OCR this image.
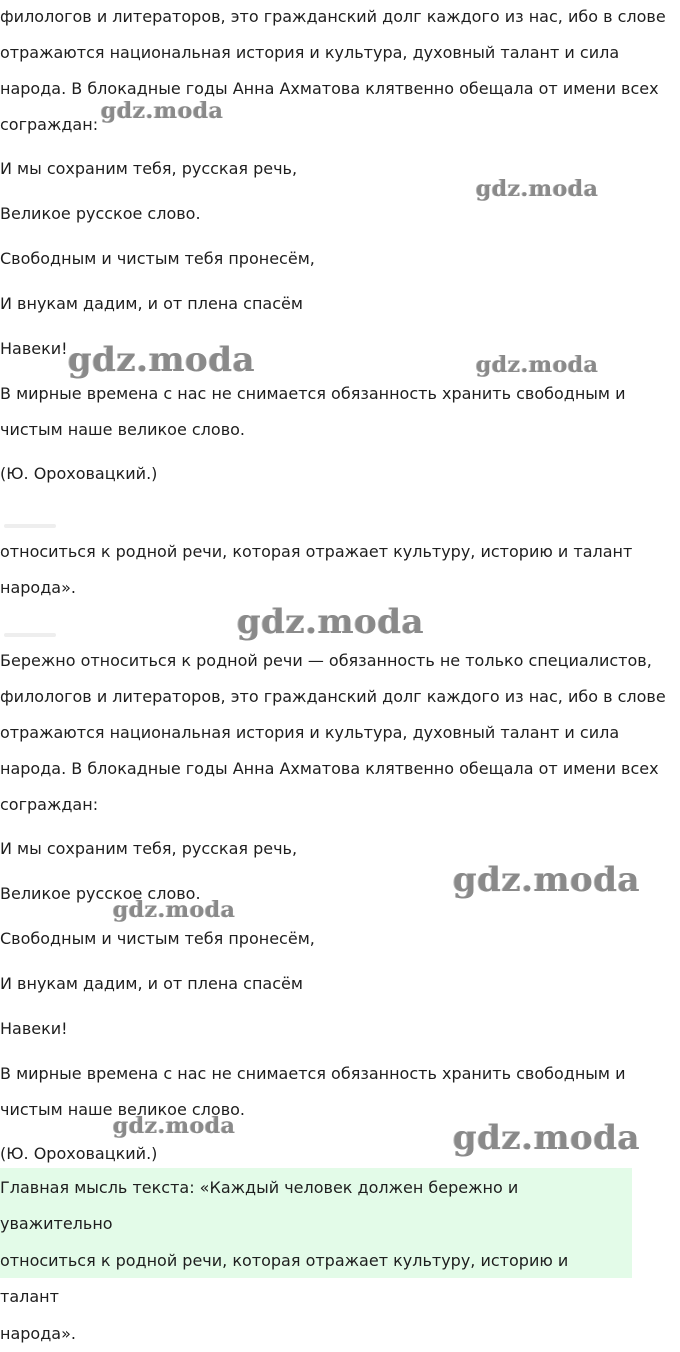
филологов и литераторов, это гражданский долг каждого из нас, ибо в слове
отражаются национальная история и культура, духовный талант и сила
народа. В блокадные годы Анна Ахматова клятвенно обещала от имени всех
сограждан:
И мы сохраним тебя, русская речь,
Великое русское слово.
Свободным и чистым тебя пронесём,
И внукам дадим, и от плена спасём
Навеки!
В мирные времена с нас не снимается обязанность хранить свободным и
чистым наше великое слово.
(Ю. Ороховацкий.)
относиться к родной речи, которая отражает культуру, историю и талант
народа».
Бережно относиться к родной речи — обязанность не только специалистов,
филологов и литераторов, это гражданский долг каждого из нас, ибо в слове
отражаются национальная история и культура, духовный талант и сила
народа. В блокадные годы Анна Ахматова клятвенно обещала от имени всех
сограждан:
И мы сохраним тебя, русская речь,
Великое русское слово.
Свободным и чистым тебя пронесём,
И внукам дадим, и от плена спасём
Навеки!
В мирные времена с нас не снимается обязанность хранить свободным и
чистым наше великое слово.
(Ю. Ороховацкий.)

Главная мысль текста: «Каждый человек должен бережно и уважительно

относиться к родной речи, которая отражает культуру, историю и талант

народа».

gdz.moda
gdz.moda
gdz.moda	gdz.moda
gdz.moda
gdz.moda
gdz.moda
gdz.moda	gdz.moda
